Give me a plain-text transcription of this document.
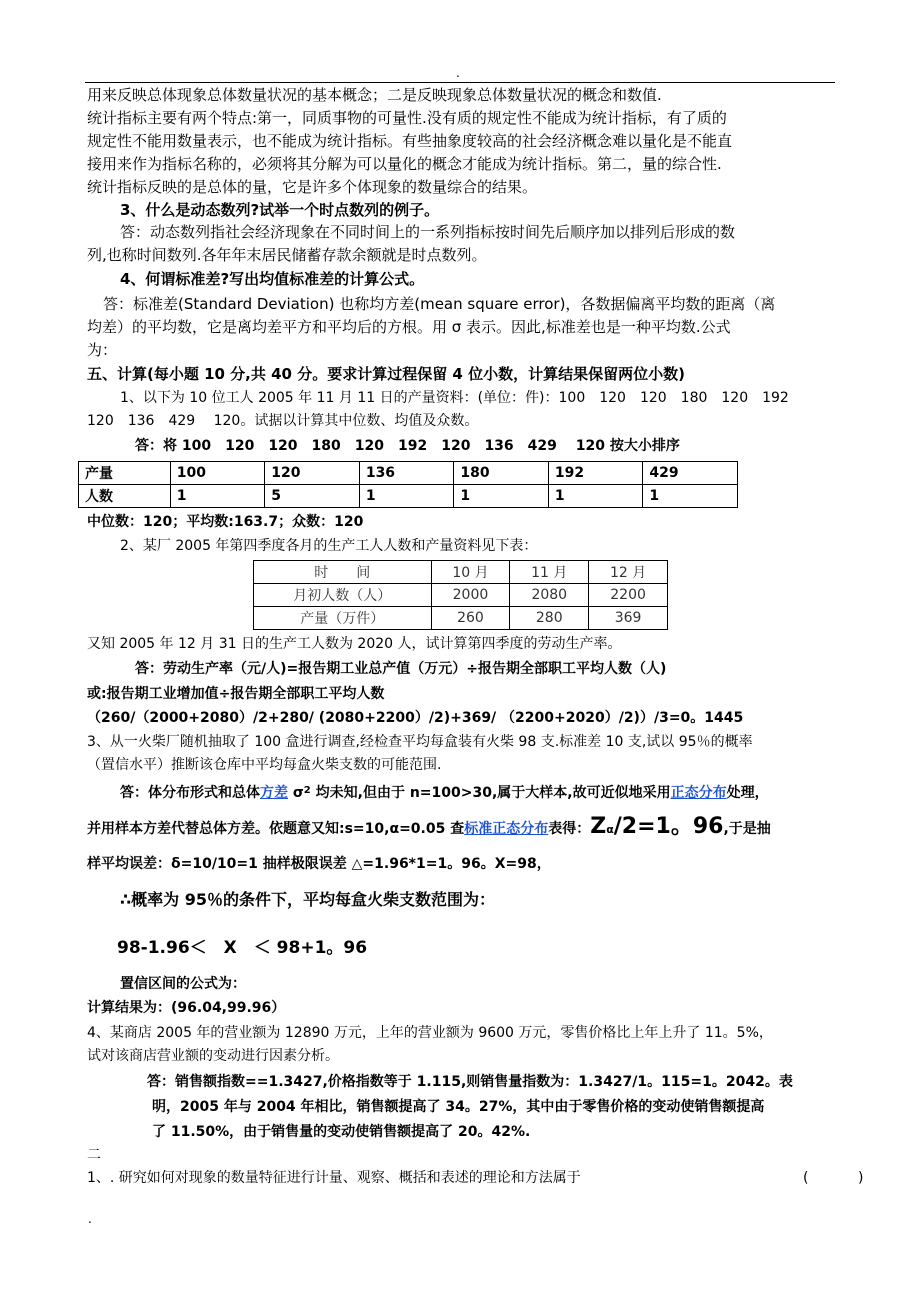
.
用来反映总体现象总体数量状况的基本概念；二是反映现象总体数量状况的概念和数值.
统计指标主要有两个特点:第一，同质事物的可量性.没有质的规定性不能成为统计指标，有了质的
规定性不能用数量表示，也不能成为统计指标。有些抽象度较高的社会经济概念难以量化是不能直
接用来作为指标名称的，必须将其分解为可以量化的概念才能成为统计指标。第二，量的综合性.
统计指标反映的是总体的量，它是许多个体现象的数量综合的结果。
3、什么是动态数列?试举一个时点数列的例子。
答：动态数列指社会经济现象在不同时间上的一系列指标按时间先后顺序加以排列后形成的数
列,也称时间数列.各年年末居民储蓄存款余额就是时点数列。
4、何谓标准差?写出均值标准差的计算公式。
答：标准差(Standard Deviation) 也称均方差(mean square error)，各数据偏离平均数的距离（离
均差）的平均数，它是离均差平方和平均后的方根。用 σ 表示。因此,标准差也是一种平均数.公式
为：
五、计算(每小题 10 分,共 40 分。要求计算过程保留 4 位小数，计算结果保留两位小数)
1、以下为 10 位工人 2005 年 11 月 11 日的产量资料：(单位：件)：100　120　120　180　120　192
120　136　429　 120。试据以计算其中位数、均值及众数。
答：将 100　120　120　180　120　192　120　136　429　 120 按大小排序
产量	100	120	136	180	192	429
人数	1	5	1	1	1	1
中位数：120；平均数:163.7；众数：120
2、某厂 2005 年第四季度各月的生产工人人数和产量资料见下表：
时　　间	10 月	11 月	12 月
月初人数（人）	2000	2080	2200
产量（万件）	260	280	369
又知 2005 年 12 月 31 日的生产工人数为 2020 人，试计算第四季度的劳动生产率。
答：劳动生产率（元/人)=报告期工业总产值（万元）÷报告期全部职工平均人数（人)
或:报告期工业增加值÷报告期全部职工平均人数
（260/（2000+2080）/2+280/ (2080+2200）/2)+369/ （2200+2020）/2)）/3=0。1445
3、从一火柴厂随机抽取了 100 盒进行调查,经检查平均每盒装有火柴 98 支.标准差 10 支,试以 95％的概率
（置信水平）推断该仓库中平均每盒火柴支数的可能范围.
答：体分布形式和总体方差 $\sigma^2$ 均未知,但由于 n=100>30,属于大样本,故可近似地采用正态分布处理，
并用样本方差代替总体方差。依题意又知:s=10,α=0.05 查标准正态分布表得：Zα/2=1。96,于是抽
样平均误差：δ=10/10=1 抽样极限误差 △=1.96*1=1。96。X=98，
∴概率为 95％的条件下，平均每盒火柴支数范围为：
98-1.96＜　X　＜ 98+1。96
置信区间的公式为：
计算结果为：(96.04,99.96）
4、某商店 2005 年的营业额为 12890 万元，上年的营业额为 9600 万元，零售价格比上年上升了 11。5%，
试对该商店营业额的变动进行因素分析。
答：销售额指数==1.3427,价格指数等于 1.115,则销售量指数为：1.3427/1。115=1。2042。表
明，2005 年与 2004 年相比，销售额提高了 34。27%，其中由于零售价格的变动使销售额提高
了 11.50%，由于销售量的变动使销售额提高了 20。42%.
二
1、. 研究如何对现象的数量特征进行计量、观察、概括和表述的理论和方法属于	(	)
.
